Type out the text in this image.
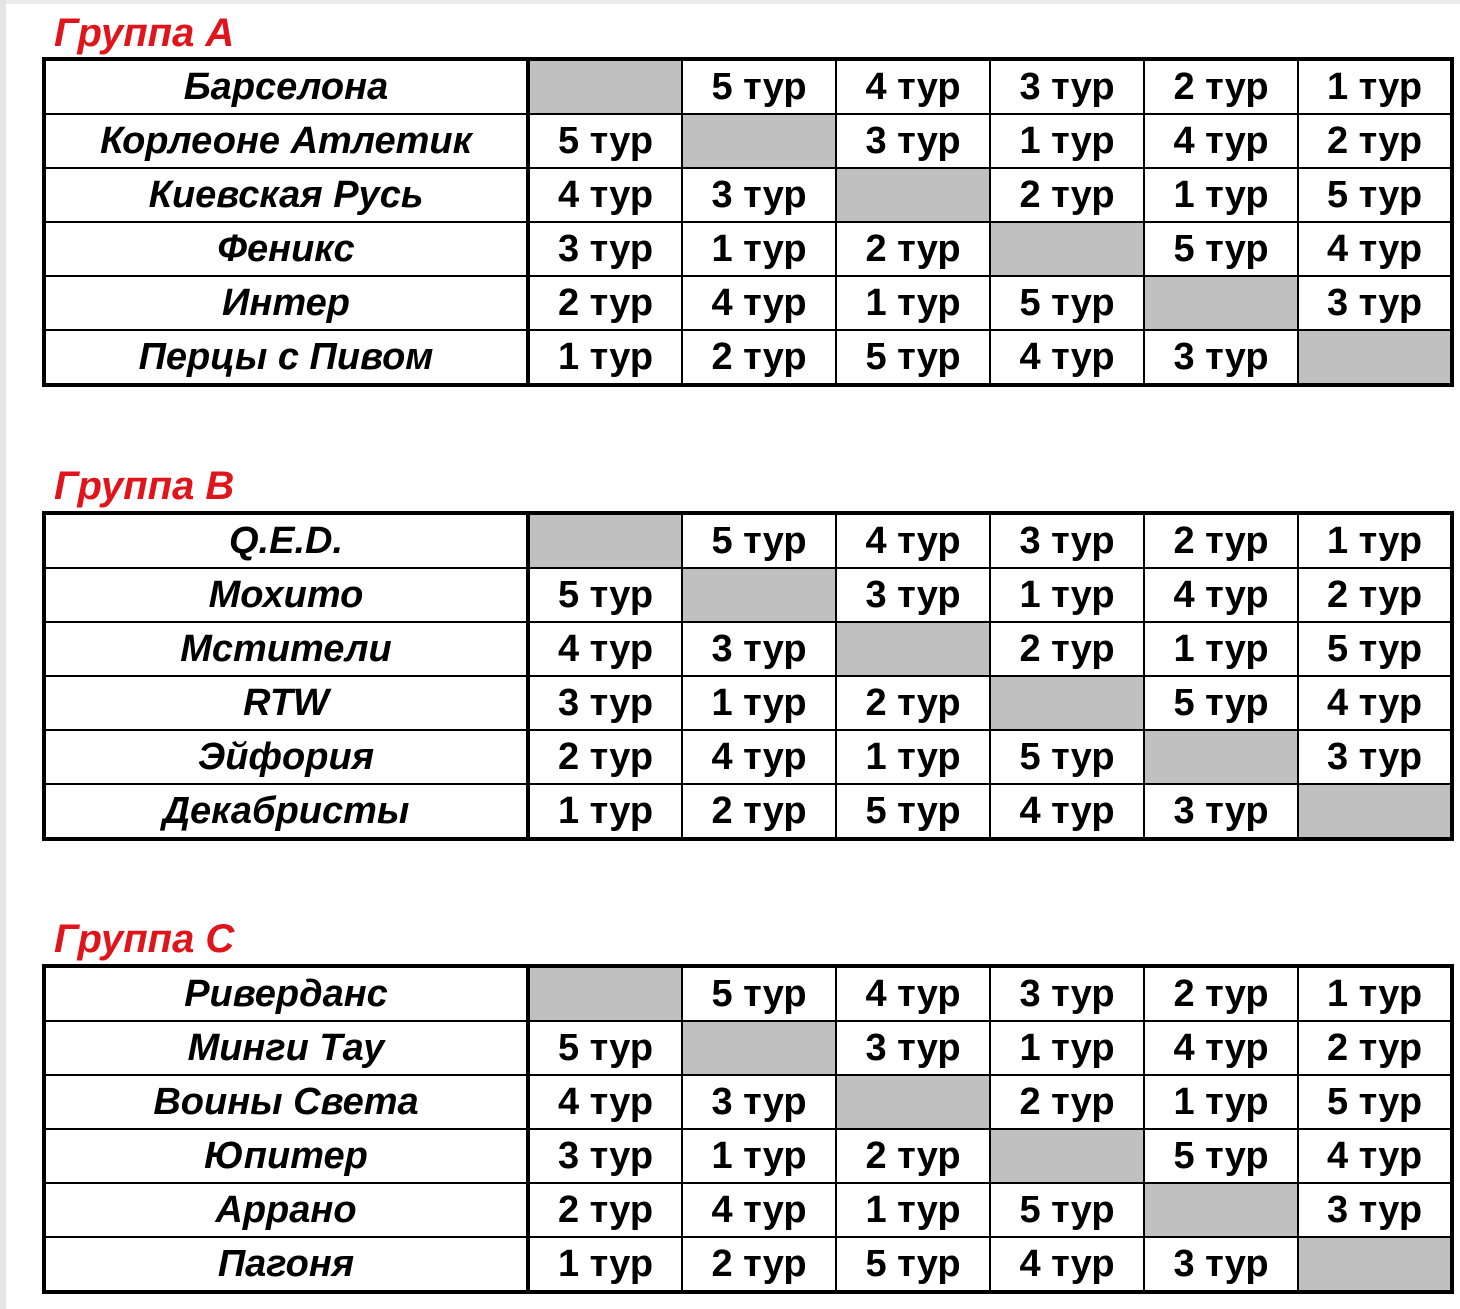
Группа А
Барселона		5 тур	4 тур	3 тур	2 тур	1 тур
Корлеоне Атлетик	5 тур		3 тур	1 тур	4 тур	2 тур
Киевская Русь	4 тур	3 тур		2 тур	1 тур	5 тур
Феникс	3 тур	1 тур	2 тур		5 тур	4 тур
Интер	2 тур	4 тур	1 тур	5 тур		3 тур
Перцы с Пивом	1 тур	2 тур	5 тур	4 тур	3 тур	
Группа В
Q.E.D.		5 тур	4 тур	3 тур	2 тур	1 тур
Мохито	5 тур		3 тур	1 тур	4 тур	2 тур
Мстители	4 тур	3 тур		2 тур	1 тур	5 тур
RTW	3 тур	1 тур	2 тур		5 тур	4 тур
Эйфория	2 тур	4 тур	1 тур	5 тур		3 тур
Декабристы	1 тур	2 тур	5 тур	4 тур	3 тур	
Группа С
Риверданс		5 тур	4 тур	3 тур	2 тур	1 тур
Минги Тау	5 тур		3 тур	1 тур	4 тур	2 тур
Воины Света	4 тур	3 тур		2 тур	1 тур	5 тур
Юпитер	3 тур	1 тур	2 тур		5 тур	4 тур
Аррано	2 тур	4 тур	1 тур	5 тур		3 тур
Пагоня	1 тур	2 тур	5 тур	4 тур	3 тур	
